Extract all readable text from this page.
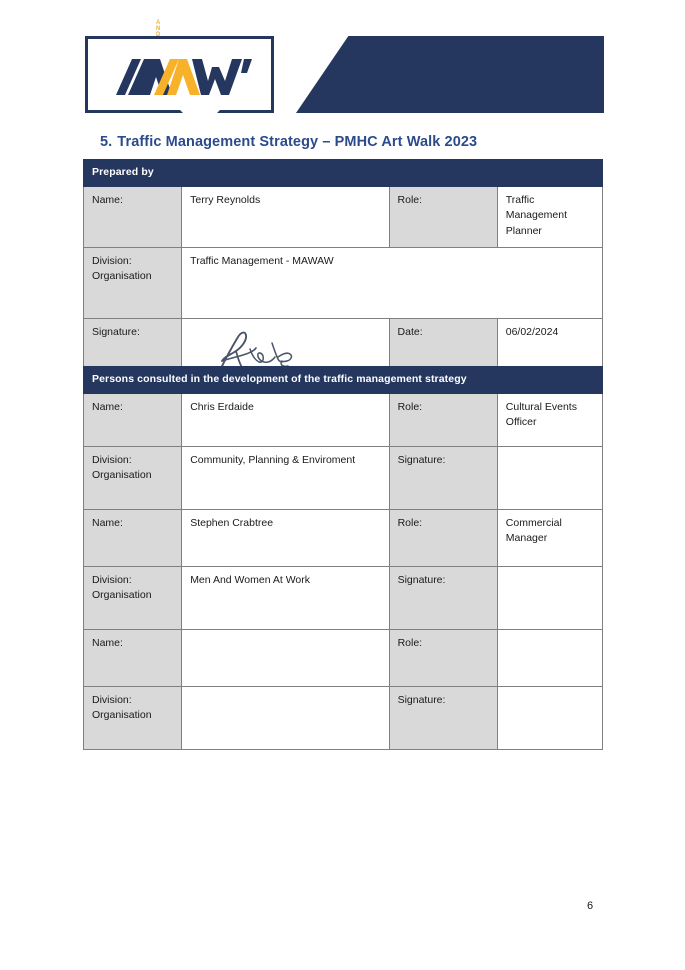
MEN AND WOMEN
AT WORK
5. Traffic Management Strategy – PMHC Art Walk 2023
Prepared by			
Name:	Terry Reynolds	Role:	Traffic Management Planner
Division: Organisation	Traffic Management - MAWAW		
Signature:		Date:	06/02/2024
Persons consulted in the development of the traffic management strategy			
Name:	Chris Erdaide	Role:	Cultural Events Officer
Division: Organisation	Community, Planning & Enviroment	Signature:	
Name:	Stephen Crabtree	Role:	Commercial Manager
Division: Organisation	Men And Women At Work	Signature:	
Name:		Role:	
Division: Organisation		Signature:	
6
